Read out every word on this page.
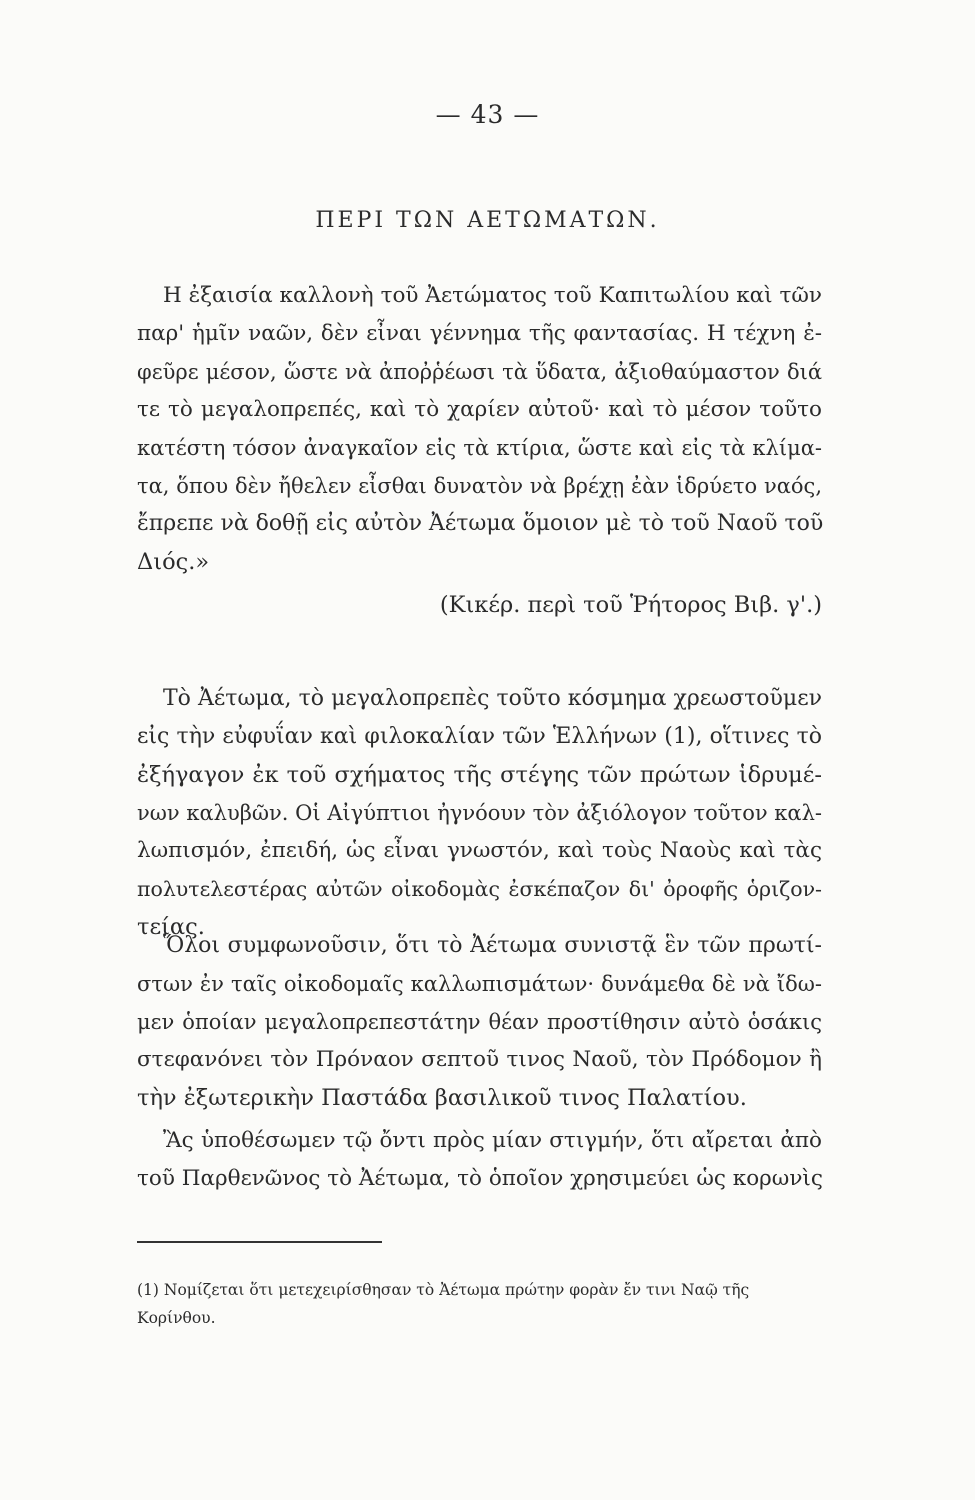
— 43 —
ΠΕΡΙ ΤΩΝ ΑΕΤΩΜΑΤΩΝ.
Η ἐξαισία καλλονὴ τοῦ Ἀετώματος τοῦ Καπιτωλίου καὶ τῶν
παρ' ἡμῖν ναῶν, δὲν εἶναι γέννημα τῆς φαντασίας. Η τέχνη ἐ-
φεῦρε μέσον, ὥστε νὰ ἀποῤῥέωσι τὰ ὕδατα, ἀξιοθαύμαστον διά
τε τὸ μεγαλοπρεπές, καὶ τὸ χαρίεν αὐτοῦ· καὶ τὸ μέσον τοῦτο
κατέστη τόσον ἀναγκαῖον εἰς τὰ κτίρια, ὥστε καὶ εἰς τὰ κλίμα-
τα, ὅπου δὲν ἤθελεν εἶσθαι δυνατὸν νὰ βρέχῃ ἐὰν ἱδρύετο ναός,
ἔπρεπε νὰ δοθῇ εἰς αὐτὸν Ἀέτωμα ὅμοιον μὲ τὸ τοῦ Ναοῦ τοῦ
Διός.»
(Κικέρ. περὶ τοῦ Ῥήτορος Βιβ. γ'.)
Τὸ Ἀέτωμα, τὸ μεγαλοπρεπὲς τοῦτο κόσμημα χρεωστοῦμεν
εἰς τὴν εὐφυΐαν καὶ φιλοκαλίαν τῶν Ἑλλήνων (1), οἵτινες τὸ
ἐξήγαγον ἐκ τοῦ σχήματος τῆς στέγης τῶν πρώτων ἱδρυμέ-
νων καλυβῶν. Οἱ Αἰγύπτιοι ἠγνόουν τὸν ἀξιόλογον τοῦτον καλ-
λωπισμόν, ἐπειδή, ὡς εἶναι γνωστόν, καὶ τοὺς Ναοὺς καὶ τὰς
πολυτελεστέρας αὐτῶν οἰκοδομὰς ἐσκέπαζον δι' ὀροφῆς ὁριζον-
τείας.
Ὅλοι συμφωνοῦσιν, ὅτι τὸ Ἀέτωμα συνιστᾷ ἓν τῶν πρωτί-
στων ἐν ταῖς οἰκοδομαῖς καλλωπισμάτων· δυνάμεθα δὲ νὰ ἴδω-
μεν ὁποίαν μεγαλοπρεπεστάτην θέαν προστίθησιν αὐτὸ ὁσάκις
στεφανόνει τὸν Πρόναον σεπτοῦ τινος Ναοῦ, τὸν Πρόδομον ἢ
τὴν ἐξωτερικὴν Παστάδα βασιλικοῦ τινος Παλατίου.
Ἂς ὑποθέσωμεν τῷ ὄντι πρὸς μίαν στιγμήν, ὅτι αἴρεται ἀπὸ
τοῦ Παρθενῶνος τὸ Ἀέτωμα, τὸ ὁποῖον χρησιμεύει ὡς κορωνὶς
(1) Νομίζεται ὅτι μετεχειρίσθησαν τὸ Ἀέτωμα πρώτην φορὰν ἔν τινι Ναῷ τῆς
Κορίνθου.
